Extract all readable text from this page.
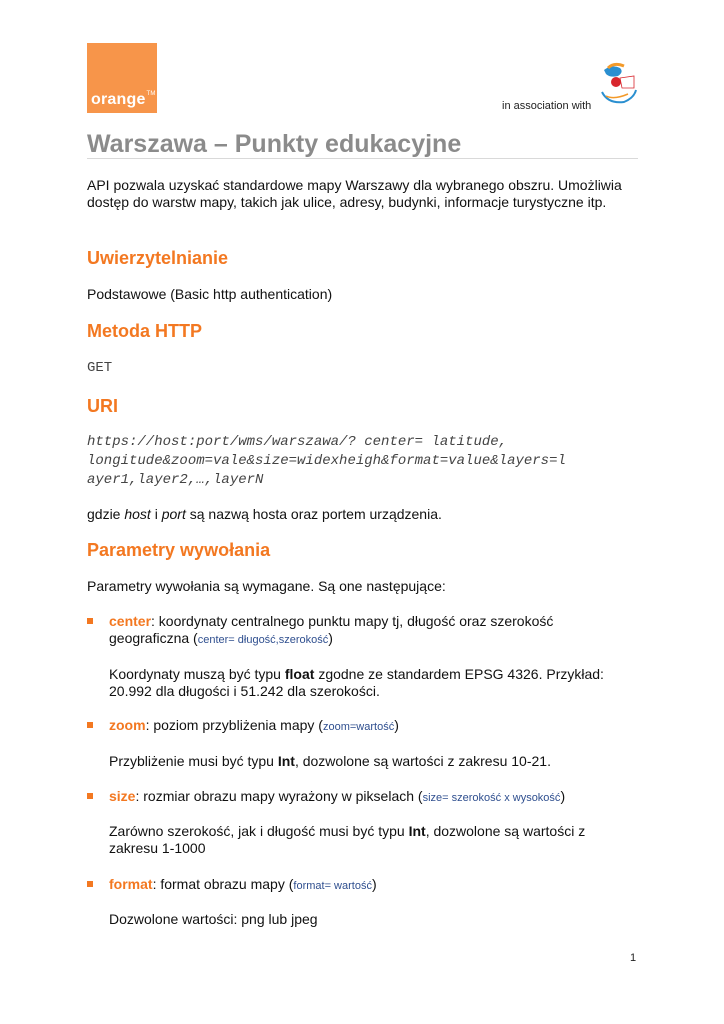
orange™
in association with
Warszawa – Punkty edukacyjne

API pozwala uzyskać standardowe mapy Warszawy dla wybranego obszru. Umożliwia dostęp do warstw mapy, takich jak ulice, adresy, budynki, informacje turystyczne itp.

Uwierzytelnianie

Podstawowe (Basic http authentication)

Metoda HTTP

GET

URI
https://host:port/wms/warszawa/? center= latitude,
longitude&zoom=vale&size=widexheigh&format=value&layers=l
ayer1,layer2,…,layerN

gdzie host i port są nazwą hosta oraz portem urządzenia.

Parametry wywołania

Parametry wywołania są wymagane. Są one następujące:

center: koordynaty centralnego punktu mapy tj, długość oraz szerokość geograficzna (center= długość,szerokość)

Koordynaty muszą być typu float zgodne ze standardem EPSG 4326. Przykład: 20.992 dla długości i 51.242 dla szerokości.

zoom: poziom przybliżenia mapy (zoom=wartość)

Przybliżenie musi być typu Int, dozwolone są wartości z zakresu 10-21.

size: rozmiar obrazu mapy wyrażony w pikselach (size= szerokość x wysokość)

Zarówno szerokość, jak i długość musi być typu Int, dozwolone są wartości z zakresu 1-1000

format: format obrazu mapy (format= wartość)

Dozwolone wartości: png lub jpeg

1
